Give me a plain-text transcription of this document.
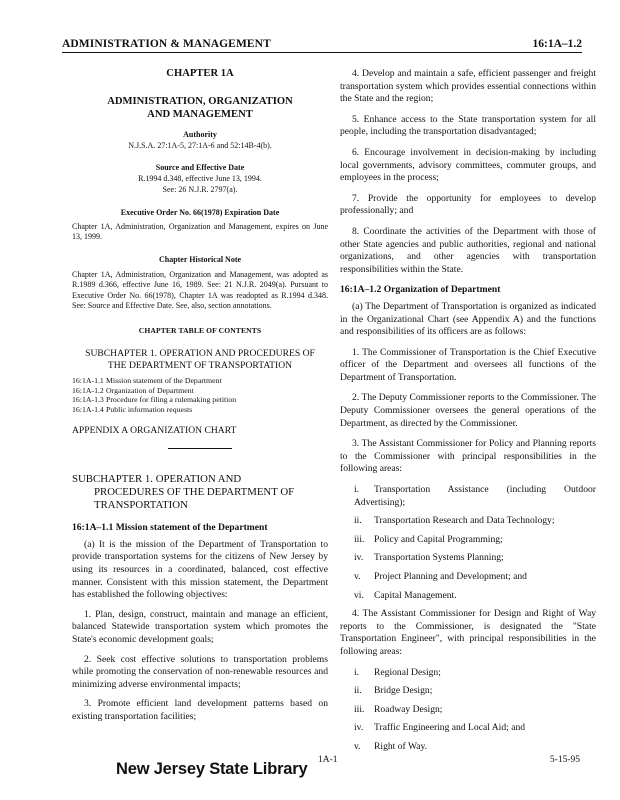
ADMINISTRATION & MANAGEMENT	16:1A–1.2

CHAPTER 1A

ADMINISTRATION, ORGANIZATION
AND MANAGEMENT

Authority

N.J.S.A. 27:1A-5, 27:1A-6 and 52:14B-4(b).

Source and Effective Date

R.1994 d.348, effective June 13, 1994.
See: 26 N.J.R. 2797(a).

Executive Order No. 66(1978) Expiration Date

Chapter 1A, Administration, Organization and Management, expires on June 13, 1999.

Chapter Historical Note

Chapter 1A, Administration, Organization and Management, was adopted as R.1989 d.366, effective June 16, 1989. See: 21 N.J.R. 2049(a). Pursuant to Executive Order No. 66(1978), Chapter 1A was readopted as R.1994 d.348. See: Source and Effective Date. See, also, section annotations.

CHAPTER TABLE OF CONTENTS

SUBCHAPTER 1. OPERATION AND PROCEDURES OF
THE DEPARTMENT OF TRANSPORTATION
16:1A-1.1 Mission statement of the Department
16:1A-1.2 Organization of Department
16:1A-1.3 Procedure for filing a rulemaking petition
16:1A-1.4 Public information requests

APPENDIX A ORGANIZATION CHART

SUBCHAPTER 1. OPERATION AND
PROCEDURES OF THE DEPARTMENT OF
TRANSPORTATION

16:1A–1.1 Mission statement of the Department

(a) It is the mission of the Department of Transportation to provide transportation systems for the citizens of New Jersey by using its resources in a coordinated, balanced, cost effective manner. Consistent with this mission statement, the Department has established the following objectives:

1. Plan, design, construct, maintain and manage an efficient, balanced Statewide transportation system which promotes the State's economic development goals;

2. Seek cost effective solutions to transportation problems while promoting the conservation of non-renewable resources and minimizing adverse environmental impacts;

3. Promote efficient land development patterns based on existing transportation facilities;

4. Develop and maintain a safe, efficient passenger and freight transportation system which provides essential connections within the State and the region;

5. Enhance access to the State transportation system for all people, including the transportation disadvantaged;

6. Encourage involvement in decision-making by including local governments, advisory committees, commuter groups, and employees in the process;

7. Provide the opportunity for employees to develop professionally; and

8. Coordinate the activities of the Department with those of other State agencies and public authorities, regional and national organizations, and other agencies with transportation responsibilities within the State.

16:1A–1.2 Organization of Department

(a) The Department of Transportation is organized as indicated in the Organizational Chart (see Appendix A) and the functions and responsibilities of its officers are as follows:

1. The Commissioner of Transportation is the Chief Executive officer of the Department and oversees all functions of the Department of Transportation.

2. The Deputy Commissioner reports to the Commissioner. The Deputy Commissioner oversees the general operations of the Department, as directed by the Commissioner.

3. The Assistant Commissioner for Policy and Planning reports to the Commissioner with principal responsibilities in the following areas:

i. Transportation Assistance (including Outdoor Advertising);

ii. Transportation Research and Data Technology;

iii. Policy and Capital Programming;

iv. Transportation Systems Planning;

v. Project Planning and Development; and

vi. Capital Management.

4. The Assistant Commissioner for Design and Right of Way reports to the Commissioner, is designated the "State Transportation Engineer", with principal responsibilities in the following areas:

i. Regional Design;

ii. Bridge Design;

iii. Roadway Design;

iv. Traffic Engineering and Local Aid; and

v. Right of Way.

1A-1	5-15-95
New Jersey State Library
